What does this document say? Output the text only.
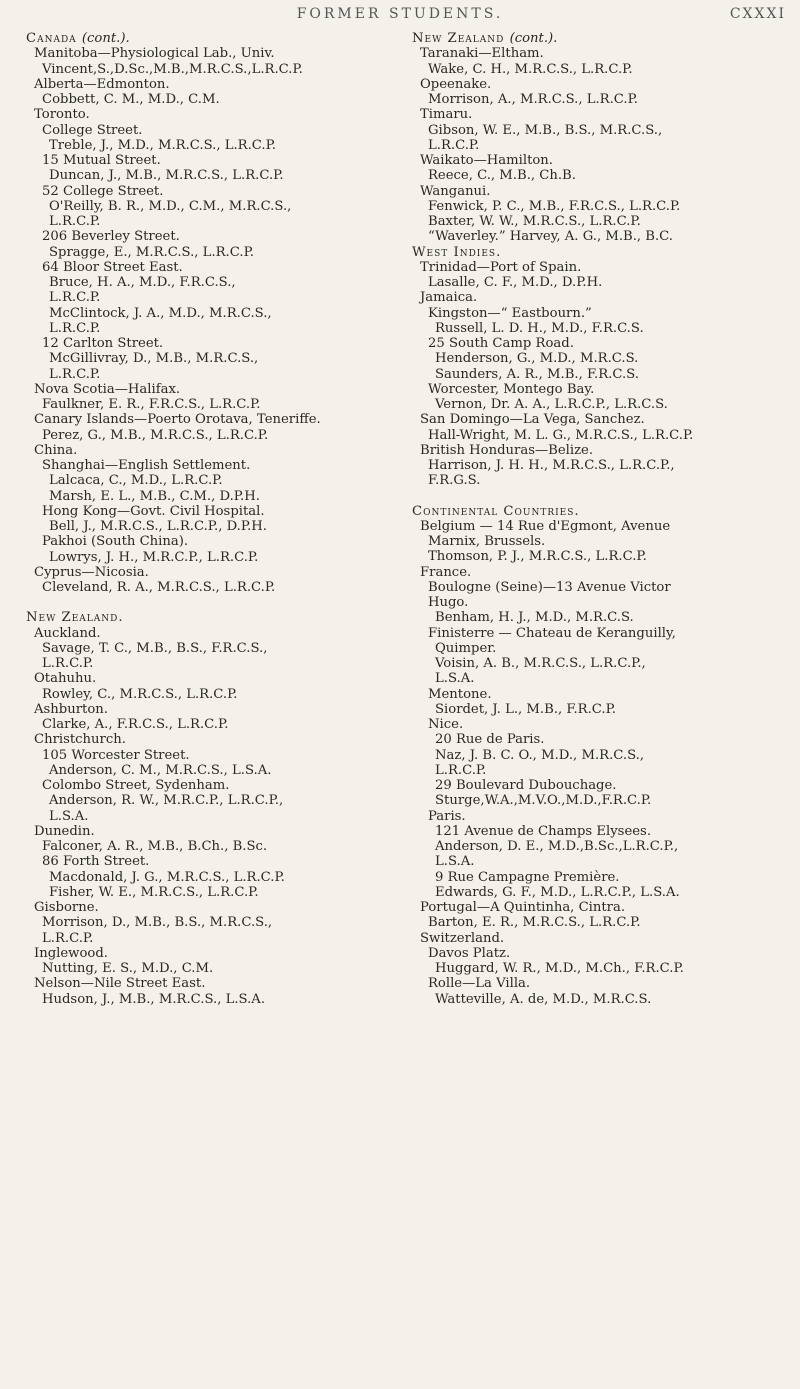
FORMER STUDENTS.	CXXXI
Canada (cont.).
Manitoba—Physiological Lab., Univ.
Vincent,S.,D.Sc.,M.B.,M.R.C.S.,L.R.C.P.
Alberta—Edmonton.
Cobbett, C. M., M.D., C.M.
Toronto.
College Street.
Treble, J., M.D., M.R.C.S., L.R.C.P.
15 Mutual Street.
Duncan, J., M.B., M.R.C.S., L.R.C.P.
52 College Street.
O'Reilly, B. R., M.D., C.M., M.R.C.S.,
L.R.C.P.
206 Beverley Street.
Spragge, E., M.R.C.S., L.R.C.P.
64 Bloor Street East.
Bruce, H. A., M.D., F.R.C.S.,
L.R.C.P.
McClintock, J. A., M.D., M.R.C.S.,
L.R.C.P.
12 Carlton Street.
McGillivray, D., M.B., M.R.C.S.,
L.R.C.P.
Nova Scotia—Halifax.
Faulkner, E. R., F.R.C.S., L.R.C.P.
Canary Islands—Poerto Orotava, Teneriffe.
Perez, G., M.B., M.R.C.S., L.R.C.P.
China.
Shanghai—English Settlement.
Lalcaca, C., M.D., L.R.C.P.
Marsh, E. L., M.B., C.M., D.P.H.
Hong Kong—Govt. Civil Hospital.
Bell, J., M.R.C.S., L.R.C.P., D.P.H.
Pakhoi (South China).
Lowrys, J. H., M.R.C.P., L.R.C.P.
Cyprus—Nicosia.
Cleveland, R. A., M.R.C.S., L.R.C.P.
New Zealand.
Auckland.
Savage, T. C., M.B., B.S., F.R.C.S.,
L.R.C.P.
Otahuhu.
Rowley, C., M.R.C.S., L.R.C.P.
Ashburton.
Clarke, A., F.R.C.S., L.R.C.P.
Christchurch.
105 Worcester Street.
Anderson, C. M., M.R.C.S., L.S.A.
Colombo Street, Sydenham.
Anderson, R. W., M.R.C.P., L.R.C.P.,
L.S.A.
Dunedin.
Falconer, A. R., M.B., B.Ch., B.Sc.
86 Forth Street.
Macdonald, J. G., M.R.C.S., L.R.C.P.
Fisher, W. E., M.R.C.S., L.R.C.P.
Gisborne.
Morrison, D., M.B., B.S., M.R.C.S.,
L.R.C.P.
Inglewood.
Nutting, E. S., M.D., C.M.
Nelson—Nile Street East.
Hudson, J., M.B., M.R.C.S., L.S.A.
New Zealand (cont.).
Taranaki—Eltham.
Wake, C. H., M.R.C.S., L.R.C.P.
Opeenake.
Morrison, A., M.R.C.S., L.R.C.P.
Timaru.
Gibson, W. E., M.B., B.S., M.R.C.S.,
L.R.C.P.
Waikato—Hamilton.
Reece, C., M.B., Ch.B.
Wanganui.
Fenwick, P. C., M.B., F.R.C.S., L.R.C.P.
Baxter, W. W., M.R.C.S., L.R.C.P.
“Waverley.” Harvey, A. G., M.B., B.C.
West Indies.
Trinidad—Port of Spain.
Lasalle, C. F., M.D., D.P.H.
Jamaica.
Kingston—“ Eastbourn.”
Russell, L. D. H., M.D., F.R.C.S.
25 South Camp Road.
Henderson, G., M.D., M.R.C.S.
Saunders, A. R., M.B., F.R.C.S.
Worcester, Montego Bay.
Vernon, Dr. A. A., L.R.C.P., L.R.C.S.
San Domingo—La Vega, Sanchez.
Hall-Wright, M. L. G., M.R.C.S., L.R.C.P.
British Honduras—Belize.
Harrison, J. H. H., M.R.C.S., L.R.C.P.,
F.R.G.S.
Continental Countries.
Belgium — 14 Rue d'Egmont, Avenue
Marnix, Brussels.
Thomson, P. J., M.R.C.S., L.R.C.P.
France.
Boulogne (Seine)—13 Avenue Victor
Hugo.
Benham, H. J., M.D., M.R.C.S.
Finisterre — Chateau de Keranguilly,
Quimper.
Voisin, A. B., M.R.C.S., L.R.C.P.,
L.S.A.
Mentone.
Siordet, J. L., M.B., F.R.C.P.
Nice.
20 Rue de Paris.
Naz, J. B. C. O., M.D., M.R.C.S.,
L.R.C.P.
29 Boulevard Dubouchage.
Sturge,W.A.,M.V.O.,M.D.,F.R.C.P.
Paris.
121 Avenue de Champs Elysees.
Anderson, D. E., M.D.,B.Sc.,L.R.C.P.,
L.S.A.
9 Rue Campagne Première.
Edwards, G. F., M.D., L.R.C.P., L.S.A.
Portugal—A Quintinha, Cintra.
Barton, E. R., M.R.C.S., L.R.C.P.
Switzerland.
Davos Platz.
Huggard, W. R., M.D., M.Ch., F.R.C.P.
Rolle—La Villa.
Watteville, A. de, M.D., M.R.C.S.
